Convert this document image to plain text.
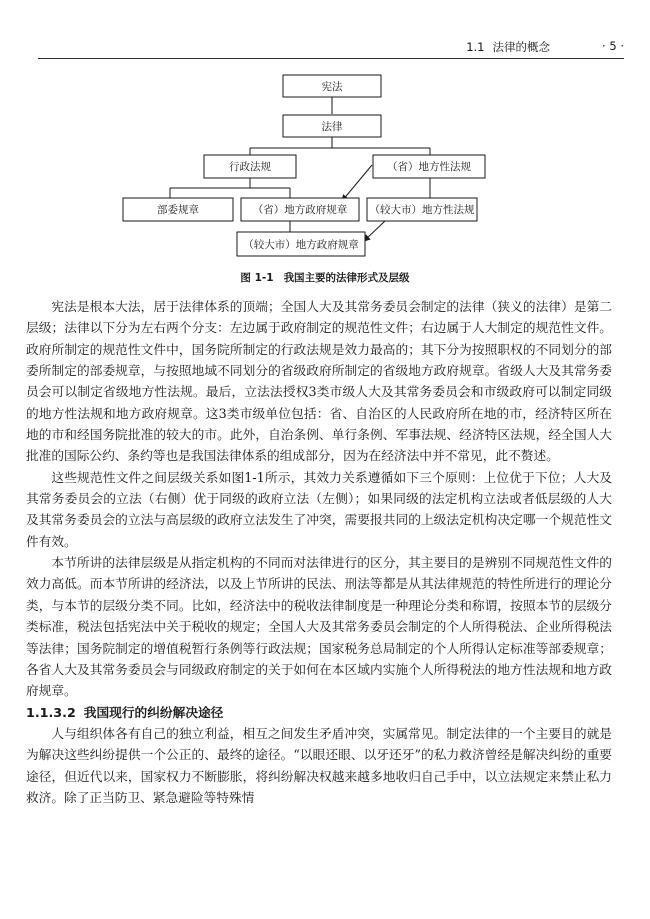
1.1 法律的概念	· 5 ·
宪法
法律
行政法规	（省）地方性法规
部委规章	（省）地方政府规章 （较大市）地方性法规
（较大市）地方政府规章
图 1-1 我国主要的法律形式及层级

宪法是根本大法，居于法律体系的顶端；全国人大及其常务委员会制定的法律（狭义的法律）是第二层级；法律以下分为左右两个分支：左边属于政府制定的规范性文件；右边属于人大制定的规范性文件。政府所制定的规范性文件中，国务院所制定的行政法规是效力最高的；其下分为按照职权的不同划分的部委所制定的部委规章，与按照地域不同划分的省级政府所制定的省级地方政府规章。省级人大及其常务委员会可以制定省级地方性法规。最后，立法法授权3类市级人大及其常务委员会和市级政府可以制定同级的地方性法规和地方政府规章。这3类市级单位包括：省、自治区的人民政府所在地的市，经济特区所在地的市和经国务院批准的较大的市。此外，自治条例、单行条例、军事法规、经济特区法规，经全国人大批准的国际公约、条约等也是我国法律体系的组成部分，因为在经济法中并不常见，此不赘述。

这些规范性文件之间层级关系如图1-1所示，其效力关系遵循如下三个原则：上位优于下位；人大及其常务委员会的立法（右侧）优于同级的政府立法（左侧）；如果同级的法定机构立法或者低层级的人大及其常务委员会的立法与高层级的政府立法发生了冲突，需要报共同的上级法定机构决定哪一个规范性文件有效。

本节所讲的法律层级是从指定机构的不同而对法律进行的区分，其主要目的是辨别不同规范性文件的效力高低。而本节所讲的经济法，以及上节所讲的民法、刑法等都是从其法律规范的特性所进行的理论分类，与本节的层级分类不同。比如，经济法中的税收法律制度是一种理论分类和称谓，按照本节的层级分类标准，税法包括宪法中关于税收的规定；全国人大及其常务委员会制定的个人所得税法、企业所得税法等法律；国务院制定的增值税暂行条例等行政法规；国家税务总局制定的个人所得认定标准等部委规章；各省人大及其常务委员会与同级政府制定的关于如何在本区域内实施个人所得税法的地方性法规和地方政府规章。

1.1.3.2 我国现行的纠纷解决途径

人与组织体各有自己的独立利益，相互之间发生矛盾冲突，实属常见。制定法律的一个主要目的就是为解决这些纠纷提供一个公正的、最终的途径。“以眼还眼、以牙还牙”的私力救济曾经是解决纠纷的重要途径，但近代以来，国家权力不断膨胀，将纠纷解决权越来越多地收归自己手中，以立法规定来禁止私力救济。除了正当防卫、紧急避险等特殊情
